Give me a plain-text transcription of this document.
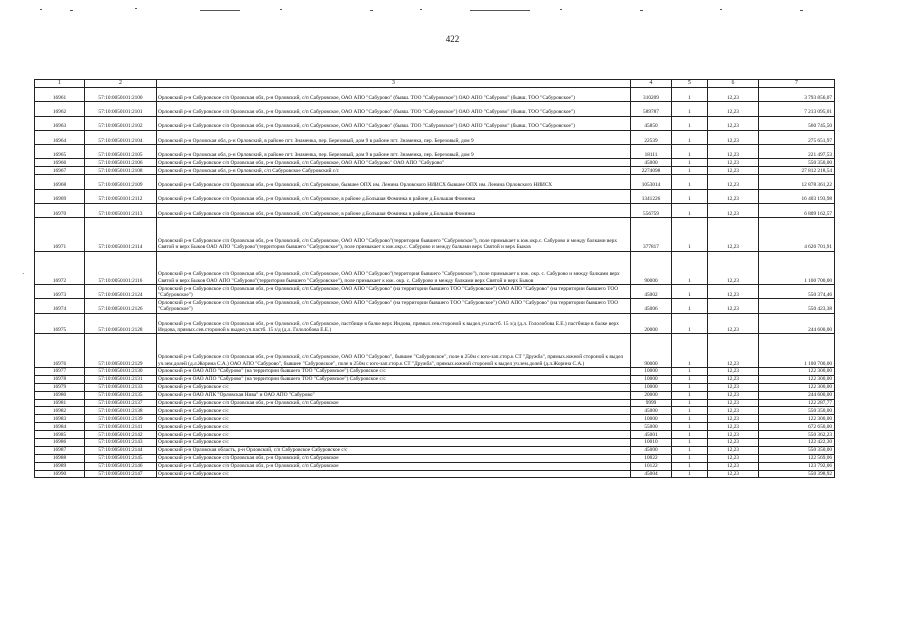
422
1	2	3	4	5	6	7
16961	57:10:0050101:2100	Орловский р-н Сабуровское с/п Орловская обл, р-н Орловский, с/п Сабуровское, ОАО АПО "Сабурово" (бывш. ТОО "Сабуровское") ОАО АПО "Сабурово" (бывш. ТОО "Сабуровское")	310209	1	12,23	3 793 856,07
16962	57:10:0050101:2101	Орловский р-н Сабуровское с/п Орловская обл, р-н Орловский, с/п Сабуровское, ОАО АПО "Сабурово" (бывш. ТОО "Сабуровское") ОАО АПО "Сабурово" (бывш. ТОО "Сабуровское")	589787	1	12,23	7 213 095,01
16963	57:10:0050101:2102	Орловский р-н Сабуровское с/п Орловская обл, р-н Орловский, с/п Сабуровское, ОАО АПО "Сабурово" (бывш. ТОО "Сабуровское") ОАО АПО "Сабурово" (бывш. ТОО "Сабуровское")	45850	1	12,23	560 745,50
16964	57:10:0050101:2104	Орловский р-н Орловская обл, р-н Орловский, в районе пгт. Знаменка, пер. Березовый, дом 9 в районе пгт. Знаменка, пер. Березовый, дом 9	22539	1	12,23	275 651,97
16965	57:10:0050101:2105	Орловский р-н Орловская обл, р-н Орловский, в районе пгт. Знаменка, пер. Березовый, дом 9 в районе пгт. Знаменка, пер. Березовый, дом 9	18111	1	12,23	221 497,53
16966	57:10:0050101:2106	Орловский р-н Сабуровское с/п Орловская обл, р-н Орловский, с/п Сабуровское, ОАО АПО "Сабурово" ОАО АПО "Сабурово"	45000	1	12,23	550 350,00
16967	57:10:0050101:2108	Орловский р-н Орловская обл, р-н Орловский, с/п Сабуровское Сабуровский с/с	2274098	1	12,23	27 812 218,54
16968	57:10:0050101:2109	Орловский р-н Сабуровское с/п Орловская обл, р-н Орловский, с/п Сабуровское, бывшее ОПХ им. Ленина Орловского НИИСХ бывшее ОПХ им. Ленина Орловского НИИСХ	1053014	1	12,23	12 878 361,22
16969	57:10:0050101:2112	Орловский р-н Сабуровское с/п Орловская обл, р-н Орловский, с/п Сабуровское, в районе д.Большая Фоминка в районе д.Большая Фоминка	1341226	1	12,23	16 403 193,98
16970	57:10:0050101:2113	Орловский р-н Сабуровское с/п Орловская обл, р-н Орловский, с/п Сабуровское, в районе д.Большая Фоминка в районе д.Большая Фоминка	556759	1	12,23	6 809 162,57
16971	57:10:0050101:2114	Орловский р-н Сабуровское с/п Орловская обл, р-н Орловский, с/п Сабуровское, ОАО АПО "Сабурово"(территория бывшего "Сабуровское"), поле примыкает к юж.окр.с. Сабурово и между балками верх Святой и верх Быков ОАО АПО "Сабурово"(территория бывшего "Сабуровское"), поле примыкает к юж.окр.с. Сабурово и между балками верх Святой и верх Быков	377817	1	12,23	4 620 701,91
16972	57:10:0050101:2116	Орловский р-н Сабуровское с/п Орловская обл, р-н Орловский, с/п Сабуровское, ОАО АПО "Сабурово"(территория бывшего "Сабуровское"), поле примыкает к юж. окр. с. Сабурово и между балками верх Святой и верх Быков ОАО АПО "Сабурово"(территория бывшего "Сабуровское"), поле примыкает к юж. окр. с. Сабурово и между балками верх Святой и верх Быков	90000	1	12,23	1 100 700,00
16973	57:10:0050101:2124	Орловский р-н Сабуровское с/п Орловская обл, р-н Орловский, с/п Сабуровское, ОАО АПО "Сабурово" (на территории бывшего ТОО "Сабуровское") ОАО АПО "Сабурово" (на территории бывшего ТОО "Сабуровское")	45002	1	12,23	550 374,46
16974	57:10:0050101:2126	Орловский р-н Сабуровское с/п Орловская обл, р-н Орловский, с/п Сабуровское, ОАО АПО "Сабурово" (на территории бывшего ТОО "Сабуровское") ОАО АПО "Сабурово" (на территории бывшего ТОО "Сабуровское")	45006	1	12,23	550 423,38
16975	57:10:0050101:2128	Орловский р-н Сабуровское с/п Орловская обл, р-н Орловский, с/п Сабуровское, пастбище в балке верх Индова, прямых.сев.стороной к выдел.уч.пастб. 15 з/д (д.л. Гололобова Е.Е.) пастбище в балке верх Индова, прямых.сев.стороной к выдел.уч.пастб. 15 з/д (д.л. Гололобова Е.Е.)	20000	1	12,23	244 600,00
16976	57:10:0050101:2129	Орловский р-н Сабуровское с/п Орловская обл, р-н Орловский, с/п Сабуровское, ОАО АПО "Сабурово", бывшее "Сабуровское", поле в 250м с юго-зап.стор.к СТ "Дружба", прямых.южной стороной к выдел уч.зем.долей (д.л.Жорина С.А.) ОАО АПО "Сабурово", бывшее "Сабуровское", поле в 250м с юго-зап.стор.к СТ "Дружба", прямых.южной стороной к выдел уч.зем.долей (д.л.Жорина С.А.)	90000	1	12,23	1 100 700,00
16977	57:10:0050101:2130	Орловский р-н ОАО АПО "Сабурово" (на территории бывшего ТОО "Сабуровское") Сабуровское с/с	10000	1	12,23	122 300,00
16978	57:10:0050101:2131	Орловский р-н ОАО АПО "Сабурово" (на территории бывшего ТОО "Сабуровское") Сабуровское с/с	10000	1	12,23	122 300,00
16979	57:10:0050101:2133	Орловский р-н Сабуровское с/с	10000	1	12,23	122 300,00
16980	57:10:0050101:2135	Орловский р-н ОАО АПК "Орловская Нива" и ОАО АПО "Сабурово"	20000	1	12,23	244 600,00
16981	57:10:0050101:2137	Орловский р-н Сабуровское с/п Орловская обл, р-н Орловский, с/п Сабуровское	9999	1	12,23	122 287,77
16982	57:10:0050101:2138	Орловский р-н Сабуровское с/с	45000	1	12,23	550 350,00
16983	57:10:0050101:2139	Орловский р-н Сабуровское с/с	10000	1	12,23	122 300,00
16984	57:10:0050101:2141	Орловский р-н Сабуровское с/с	55000	1	12,23	672 650,00
16985	57:10:0050101:2142	Орловский р-н Сабуровское с/с	45001	1	12,23	550 362,23
16986	57:10:0050101:2143	Орловский р-н Сабуровское с/с	10010	1	12,23	122 422,30
16987	57:10:0050101:2144	Орловский р-н Орловская область, р-н Орловский, с/п Сабуровское Сабуровское с/с	45000	1	12,23	550 350,00
16988	57:10:0050101:2145	Орловский р-н Сабуровское с/п Орловская обл, р-н Орловский, с/п Сабуровское	10022	1	12,23	122 569,06
16989	57:10:0050101:2146	Орловский р-н Сабуровское с/п Орловская обл, р-н Орловский, с/п Сабуровское	10122	1	12,23	123 792,06
16990	57:10:0050101:2147	Орловский р-н Сабуровское с/с	45004	1	12,23	550 398,92
·
